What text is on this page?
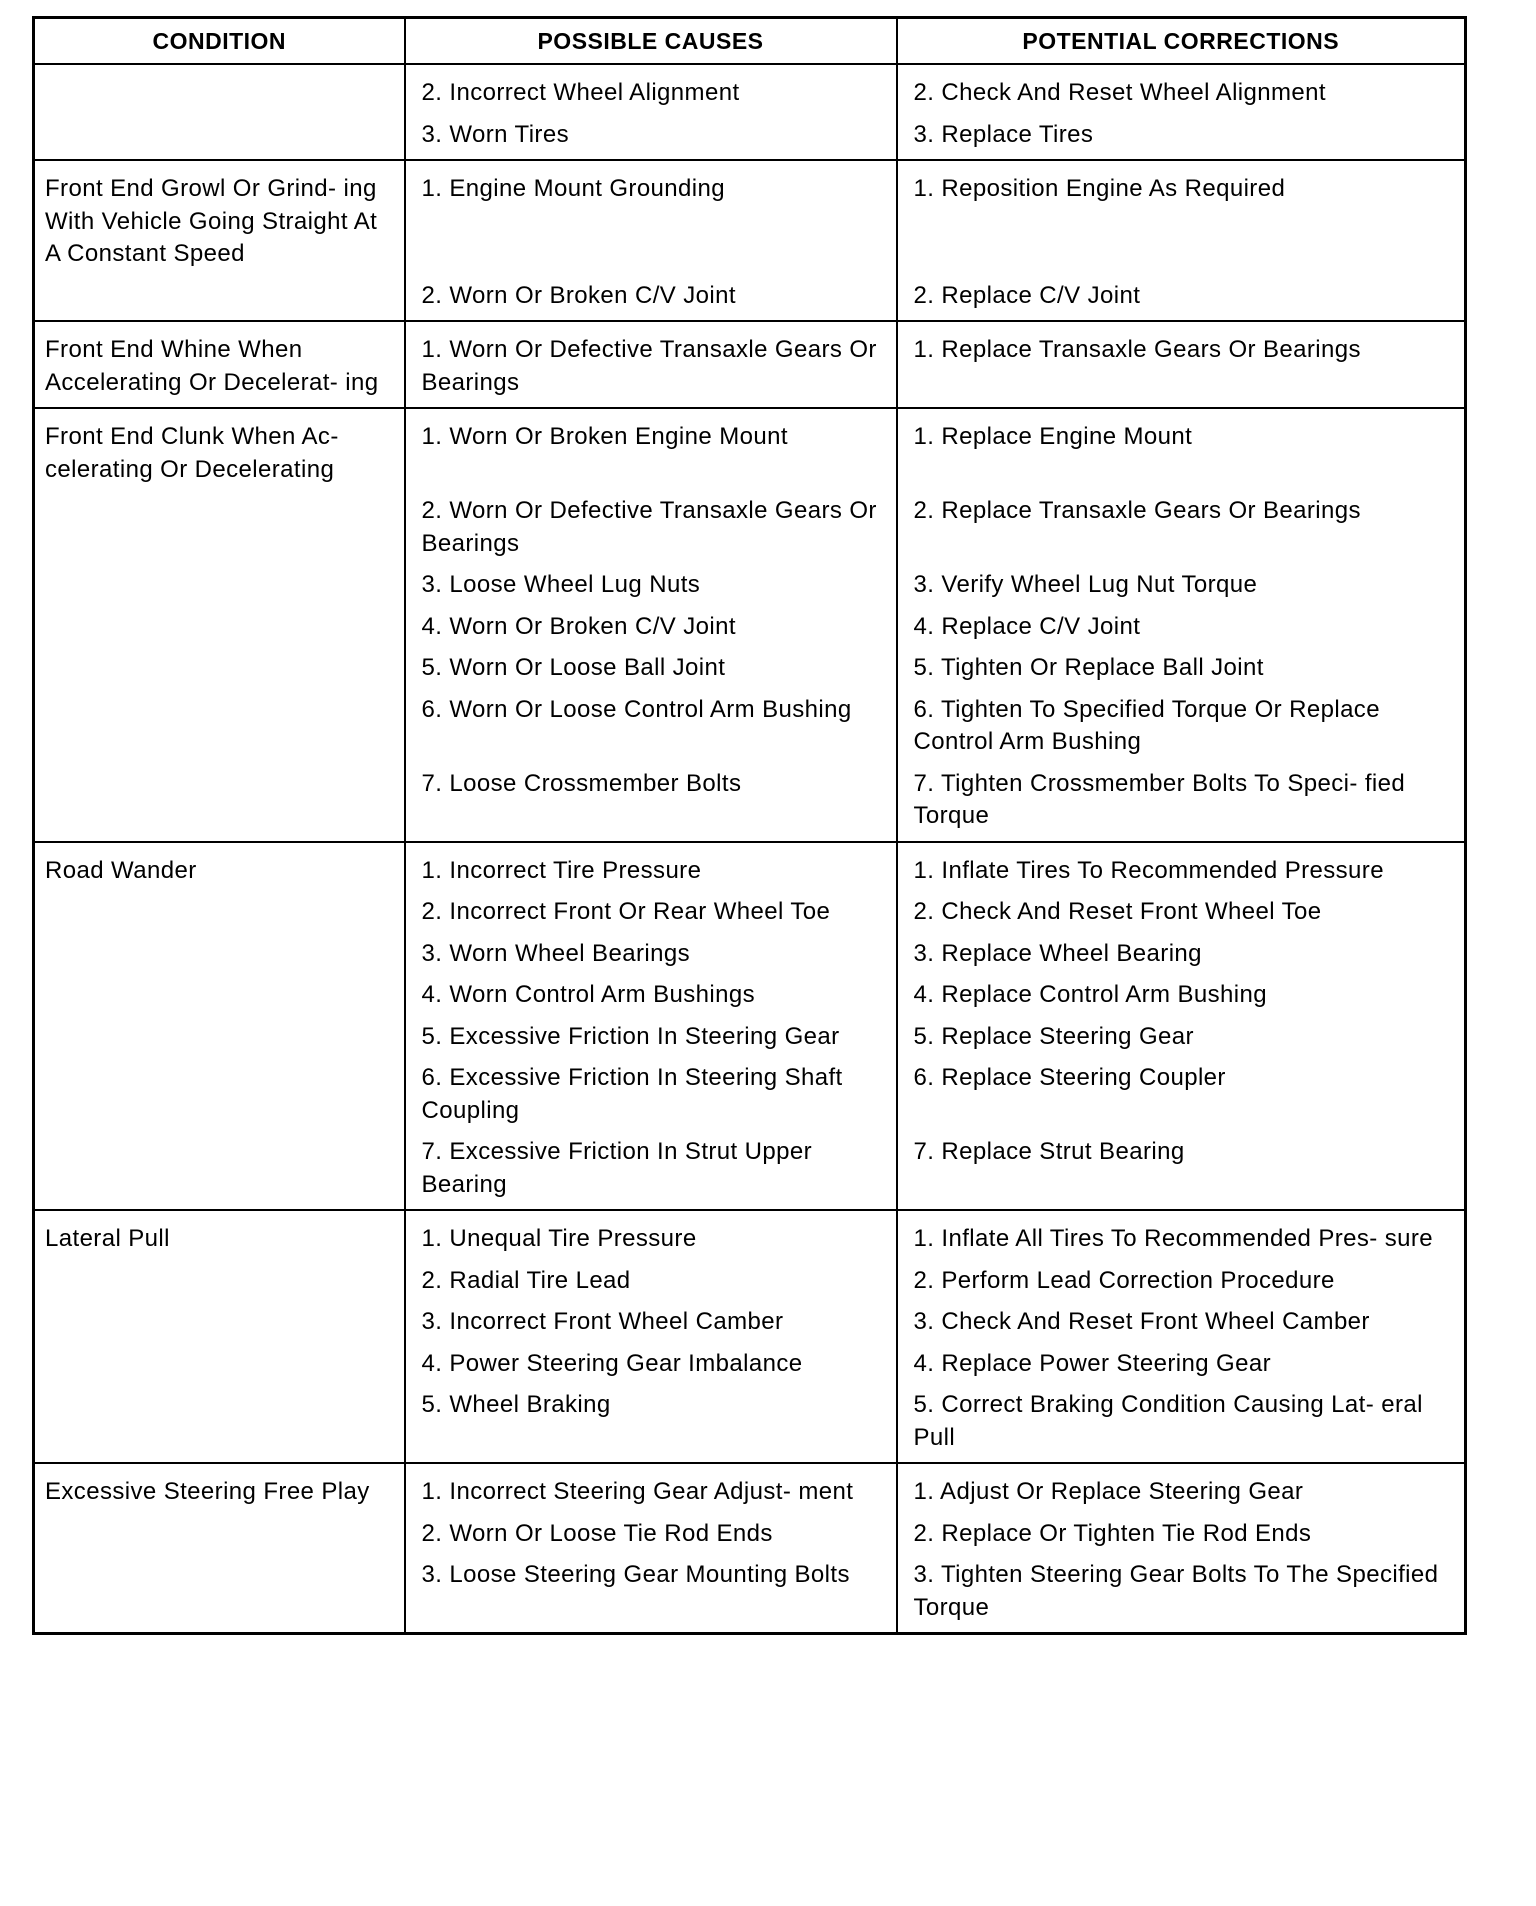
CONDITION	POSSIBLE CAUSES	POTENTIAL CORRECTIONS
	2. Incorrect Wheel Alignment	2. Check And Reset Wheel Alignment
	3. Worn Tires	3. Replace Tires
Front End Growl Or Grind- ing With Vehicle Going Straight At A Constant Speed	1. Engine Mount Grounding	1. Reposition Engine As Required
	2. Worn Or Broken C/V Joint	2. Replace C/V Joint
Front End Whine When Accelerating Or Decelerat- ing	1. Worn Or Defective Transaxle Gears Or Bearings	1. Replace Transaxle Gears Or Bearings
Front End Clunk When Ac- celerating Or Decelerating	1. Worn Or Broken Engine Mount	1. Replace Engine Mount
	2. Worn Or Defective Transaxle Gears Or Bearings	2. Replace Transaxle Gears Or Bearings
	3. Loose Wheel Lug Nuts	3. Verify Wheel Lug Nut Torque
	4. Worn Or Broken C/V Joint	4. Replace C/V Joint
	5. Worn Or Loose Ball Joint	5. Tighten Or Replace Ball Joint
	6. Worn Or Loose Control Arm Bushing	6. Tighten To Specified Torque Or Replace Control Arm Bushing
	7. Loose Crossmember Bolts	7. Tighten Crossmember Bolts To Speci- fied Torque
Road Wander	1. Incorrect Tire Pressure	1. Inflate Tires To Recommended Pressure
	2. Incorrect Front Or Rear Wheel Toe	2. Check And Reset Front Wheel Toe
	3. Worn Wheel Bearings	3. Replace Wheel Bearing
	4. Worn Control Arm Bushings	4. Replace Control Arm Bushing
	5. Excessive Friction In Steering Gear	5. Replace Steering Gear
	6. Excessive Friction In Steering Shaft Coupling	6. Replace Steering Coupler
	7. Excessive Friction In Strut Upper Bearing	7. Replace Strut Bearing
Lateral Pull	1. Unequal Tire Pressure	1. Inflate All Tires To Recommended Pres- sure
	2. Radial Tire Lead	2. Perform Lead Correction Procedure
	3. Incorrect Front Wheel Camber	3. Check And Reset Front Wheel Camber
	4. Power Steering Gear Imbalance	4. Replace Power Steering Gear
	5. Wheel Braking	5. Correct Braking Condition Causing Lat- eral Pull
Excessive Steering Free Play	1. Incorrect Steering Gear Adjust- ment	1. Adjust Or Replace Steering Gear
	2. Worn Or Loose Tie Rod Ends	2. Replace Or Tighten Tie Rod Ends
	3. Loose Steering Gear Mounting Bolts	3. Tighten Steering Gear Bolts To The Specified Torque
